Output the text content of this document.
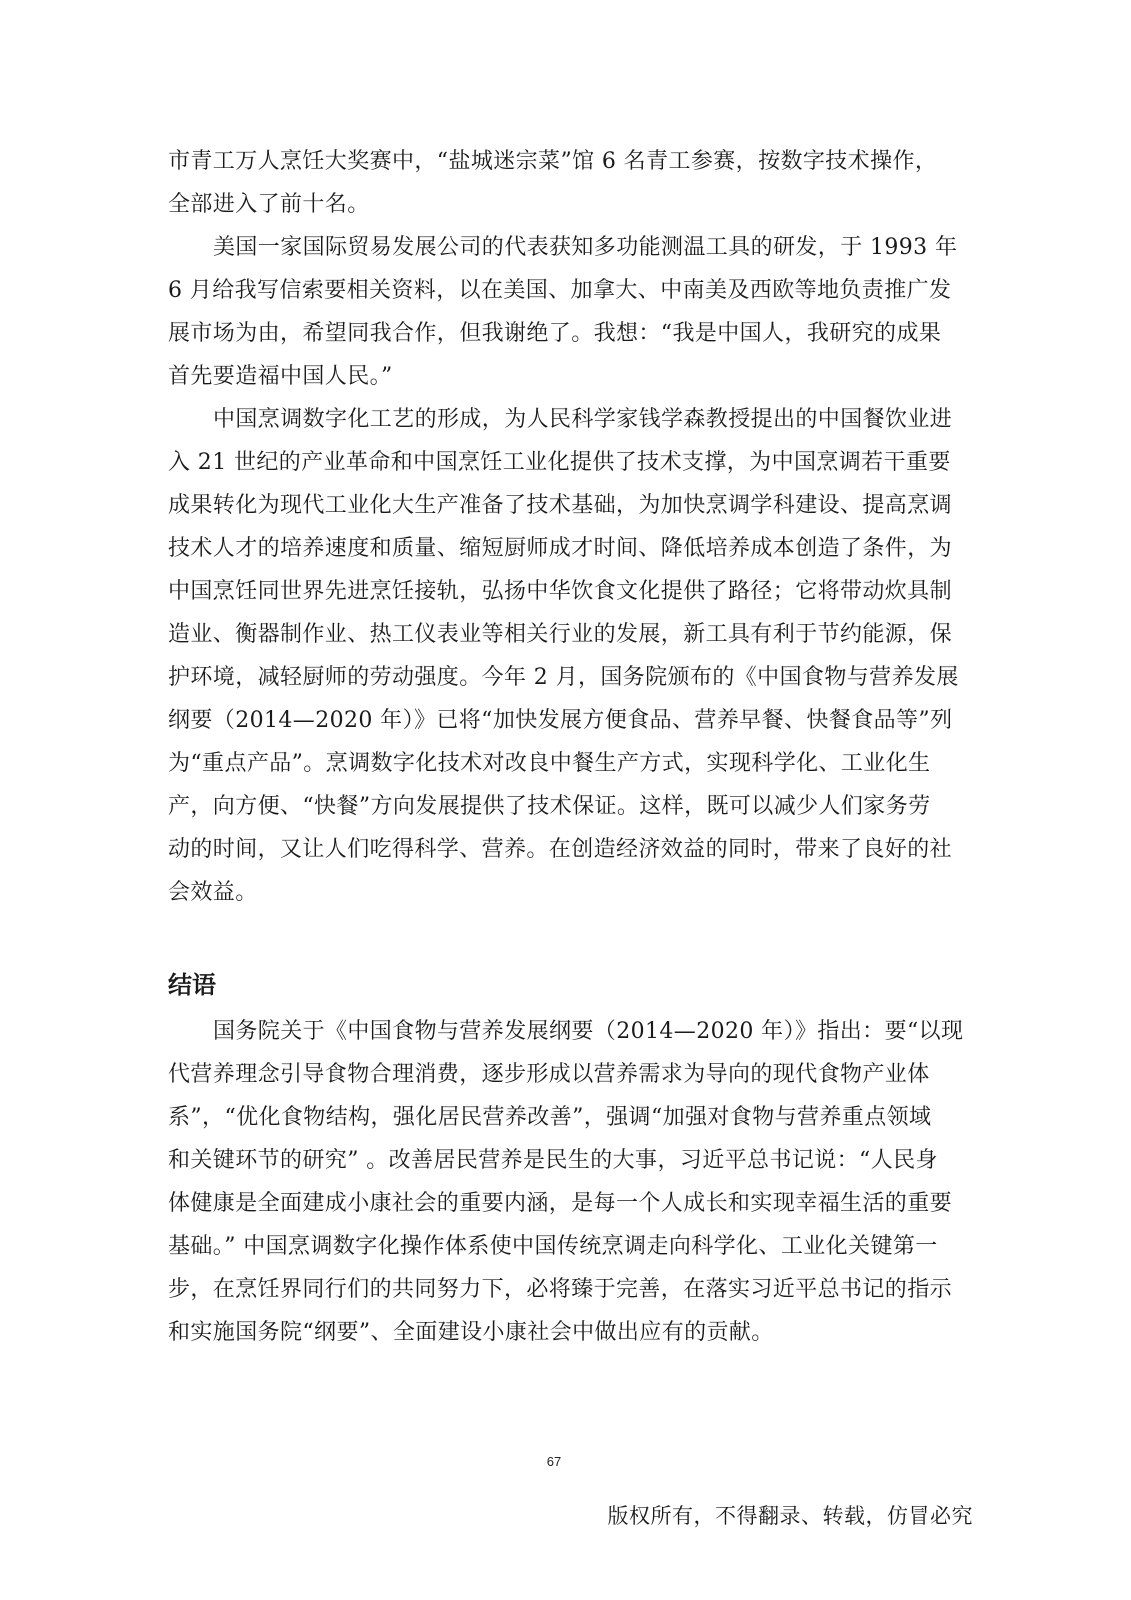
市青工万人烹饪大奖赛中，“盐城迷宗菜”馆 6 名青工参赛，按数字技术操作，
全部进入了前十名。
美国一家国际贸易发展公司的代表获知多功能测温工具的研发，于 1993 年
6 月给我写信索要相关资料，以在美国、加拿大、中南美及西欧等地负责推广发
展市场为由，希望同我合作，但我谢绝了。我想：“我是中国人，我研究的成果
首先要造福中国人民。”
中国烹调数字化工艺的形成，为人民科学家钱学森教授提出的中国餐饮业进
入 21 世纪的产业革命和中国烹饪工业化提供了技术支撑，为中国烹调若干重要
成果转化为现代工业化大生产准备了技术基础，为加快烹调学科建设、提高烹调
技术人才的培养速度和质量、缩短厨师成才时间、降低培养成本创造了条件，为
中国烹饪同世界先进烹饪接轨，弘扬中华饮食文化提供了路径；它将带动炊具制
造业、衡器制作业、热工仪表业等相关行业的发展，新工具有利于节约能源，保
护环境，减轻厨师的劳动强度。今年 2 月，国务院颁布的《中国食物与营养发展
纲要（2014—2020 年）》已将“加快发展方便食品、营养早餐、快餐食品等”列
为“重点产品”。烹调数字化技术对改良中餐生产方式，实现科学化、工业化生
产，向方便、“快餐”方向发展提供了技术保证。这样，既可以减少人们家务劳
动的时间，又让人们吃得科学、营养。在创造经济效益的同时，带来了良好的社
会效益。
结语
国务院关于《中国食物与营养发展纲要（2014—2020 年）》指出：要“以现
代营养理念引导食物合理消费，逐步形成以营养需求为导向的现代食物产业体
系”，“优化食物结构，强化居民营养改善”，强调“加强对食物与营养重点领域
和关键环节的研究” 。改善居民营养是民生的大事，习近平总书记说：“人民身
体健康是全面建成小康社会的重要内涵，是每一个人成长和实现幸福生活的重要
基础。” 中国烹调数字化操作体系使中国传统烹调走向科学化、工业化关键第一
步，在烹饪界同行们的共同努力下，必将臻于完善，在落实习近平总书记的指示
和实施国务院“纲要”、全面建设小康社会中做出应有的贡献。
67
版权所有，不得翻录、转载，仿冒必究
